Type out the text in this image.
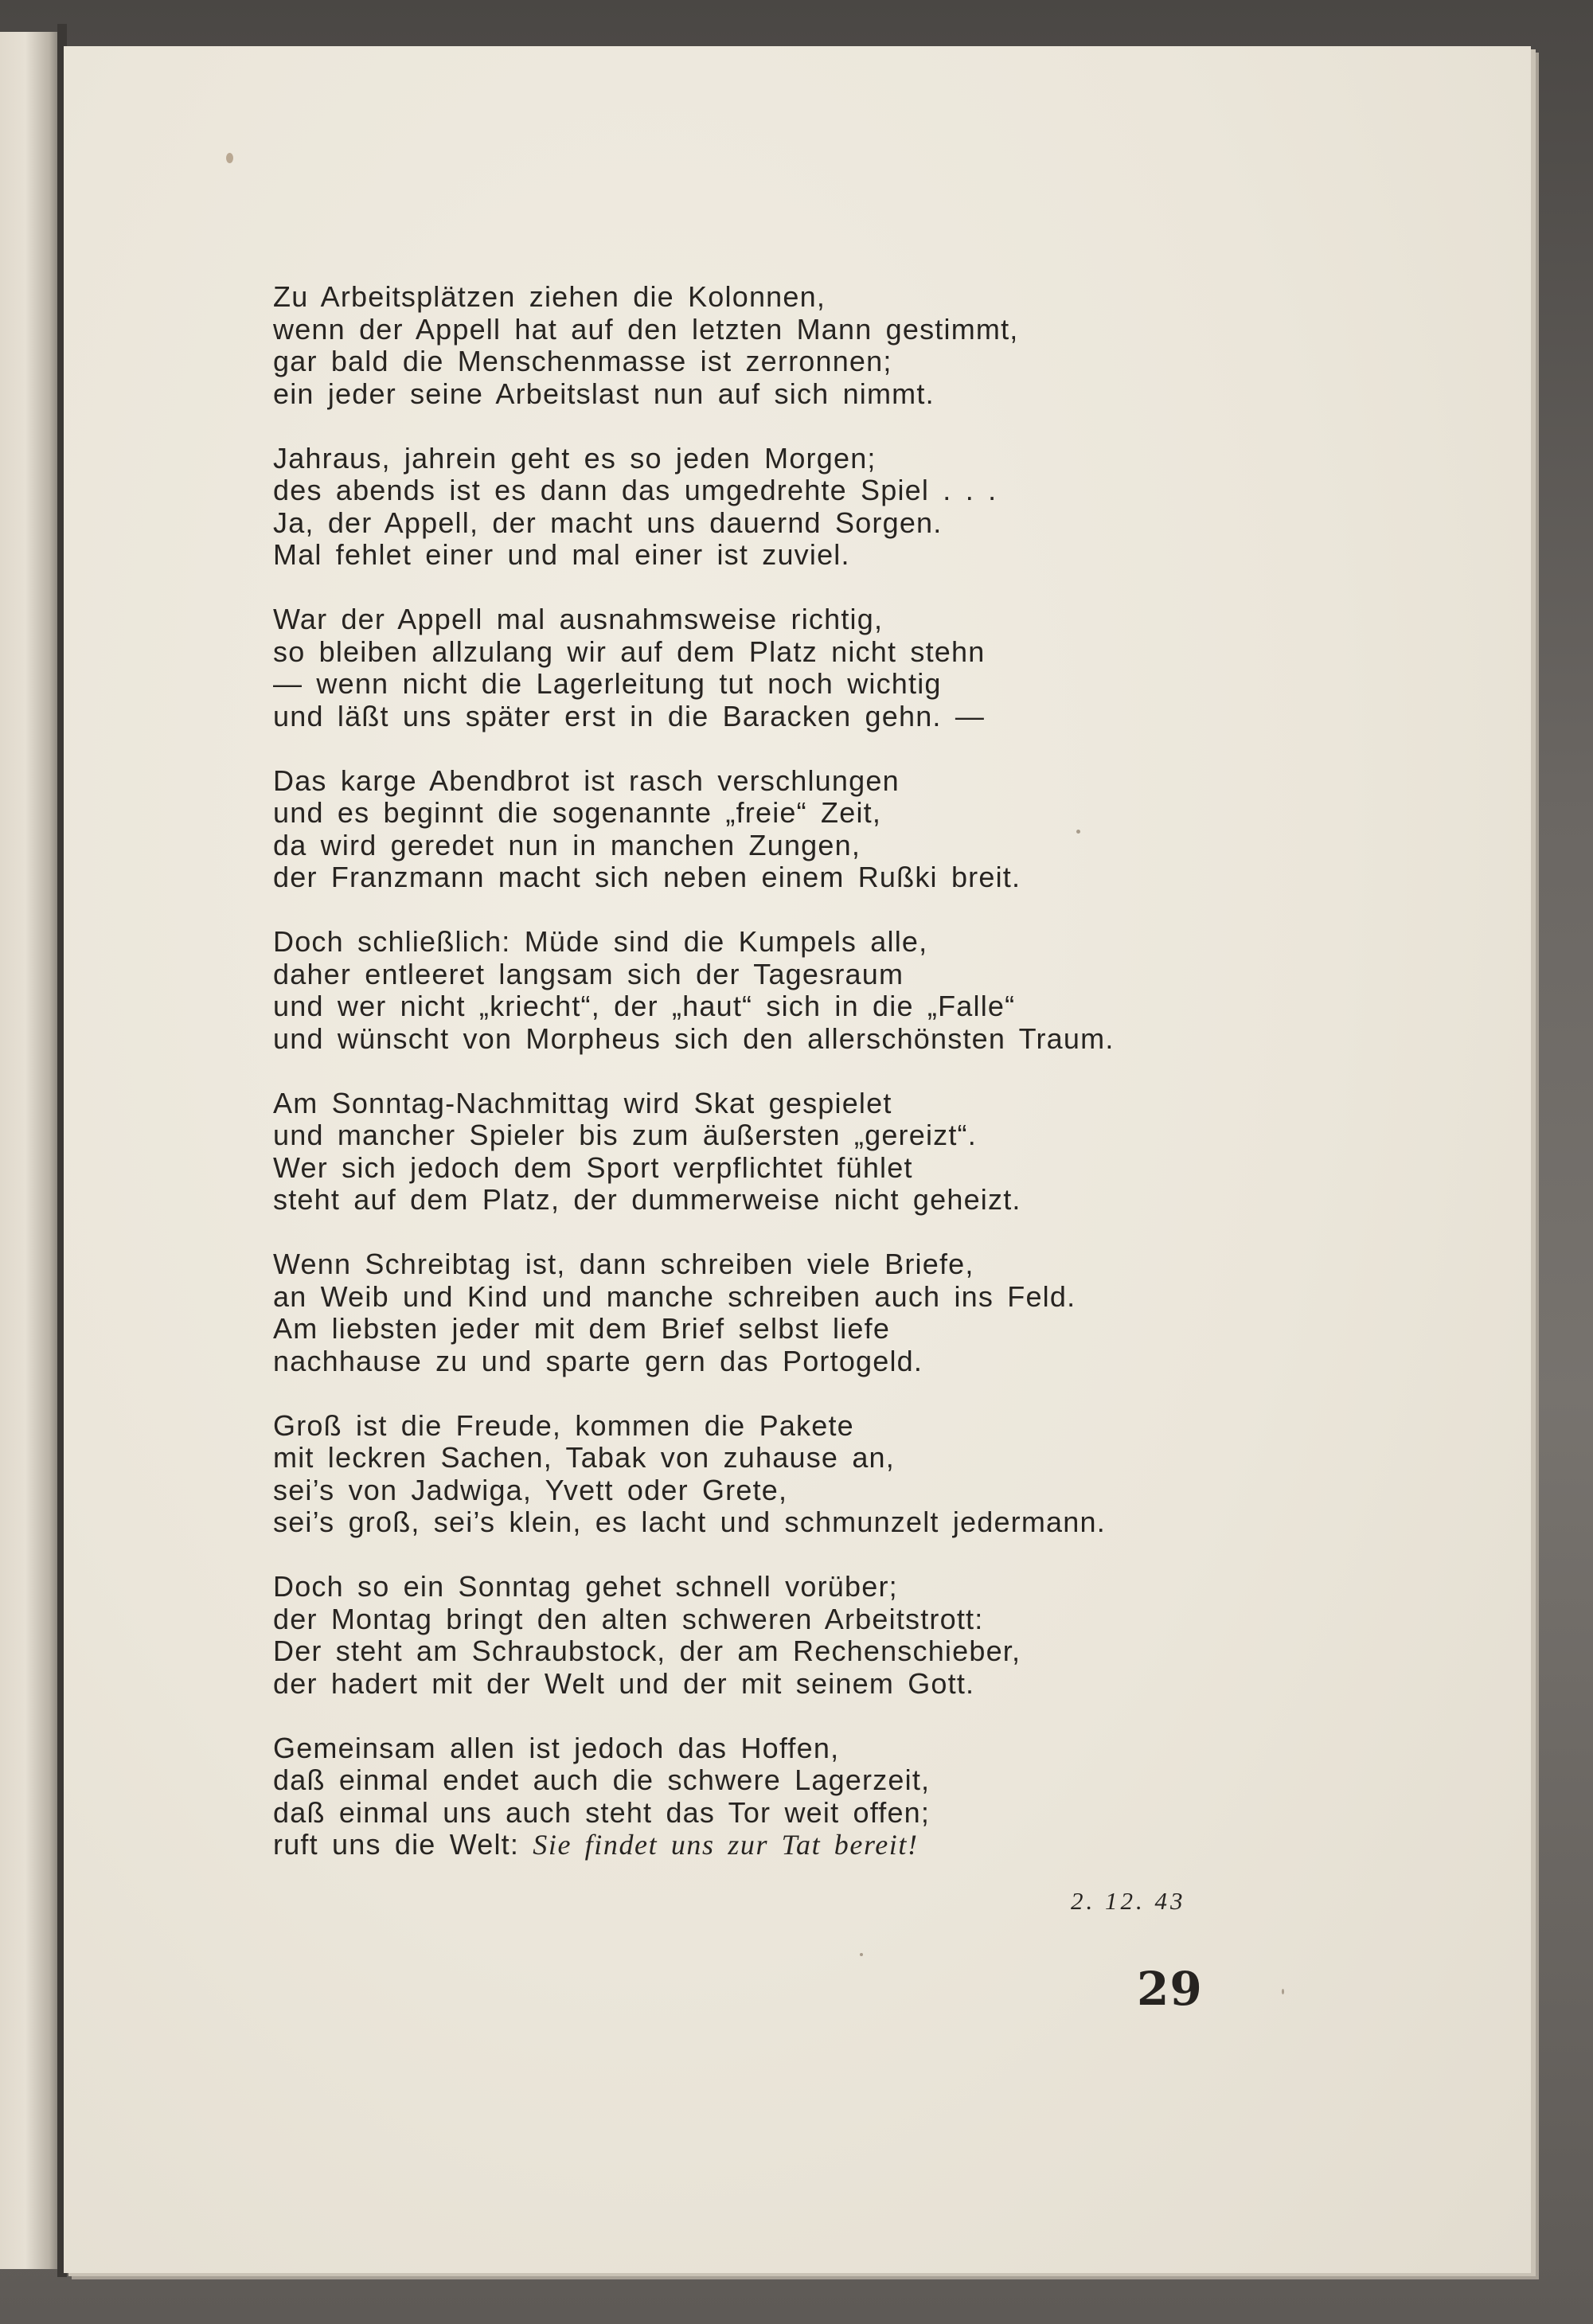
Zu Arbeitsplätzen ziehen die Kolonnen,
wenn der Appell hat auf den letzten Mann gestimmt,
gar bald die Menschenmasse ist zerronnen;
ein jeder seine Arbeitslast nun auf sich nimmt.
Jahraus, jahrein geht es so jeden Morgen;
des abends ist es dann das umgedrehte Spiel . . .
Ja, der Appell, der macht uns dauernd Sorgen.
Mal fehlet einer und mal einer ist zuviel.
War der Appell mal ausnahmsweise richtig,
so bleiben allzulang wir auf dem Platz nicht stehn
— wenn nicht die Lagerleitung tut noch wichtig
und läßt uns später erst in die Baracken gehn. —
Das karge Abendbrot ist rasch verschlungen
und es beginnt die sogenannte „freie“ Zeit,
da wird geredet nun in manchen Zungen,
der Franzmann macht sich neben einem Rußki breit.
Doch schließlich: Müde sind die Kumpels alle,
daher entleeret langsam sich der Tagesraum
und wer nicht „kriecht“, der „haut“ sich in die „Falle“
und wünscht von Morpheus sich den allerschönsten Traum.
Am Sonntag-Nachmittag wird Skat gespielet
und mancher Spieler bis zum äußersten „gereizt“.
Wer sich jedoch dem Sport verpflichtet fühlet
steht auf dem Platz, der dummerweise nicht geheizt.
Wenn Schreibtag ist, dann schreiben viele Briefe,
an Weib und Kind und manche schreiben auch ins Feld.
Am liebsten jeder mit dem Brief selbst liefe
nachhause zu und sparte gern das Portogeld.
Groß ist die Freude, kommen die Pakete
mit leckren Sachen, Tabak von zuhause an,
sei’s von Jadwiga, Yvett oder Grete,
sei’s groß, sei’s klein, es lacht und schmunzelt jedermann.
Doch so ein Sonntag gehet schnell vorüber;
der Montag bringt den alten schweren Arbeitstrott:
Der steht am Schraubstock, der am Rechenschieber,
der hadert mit der Welt und der mit seinem Gott.
Gemeinsam allen ist jedoch das Hoffen,
daß einmal endet auch die schwere Lagerzeit,
daß einmal uns auch steht das Tor weit offen;
ruft uns die Welt: Sie findet uns zur Tat bereit!
2. 12. 43
29
